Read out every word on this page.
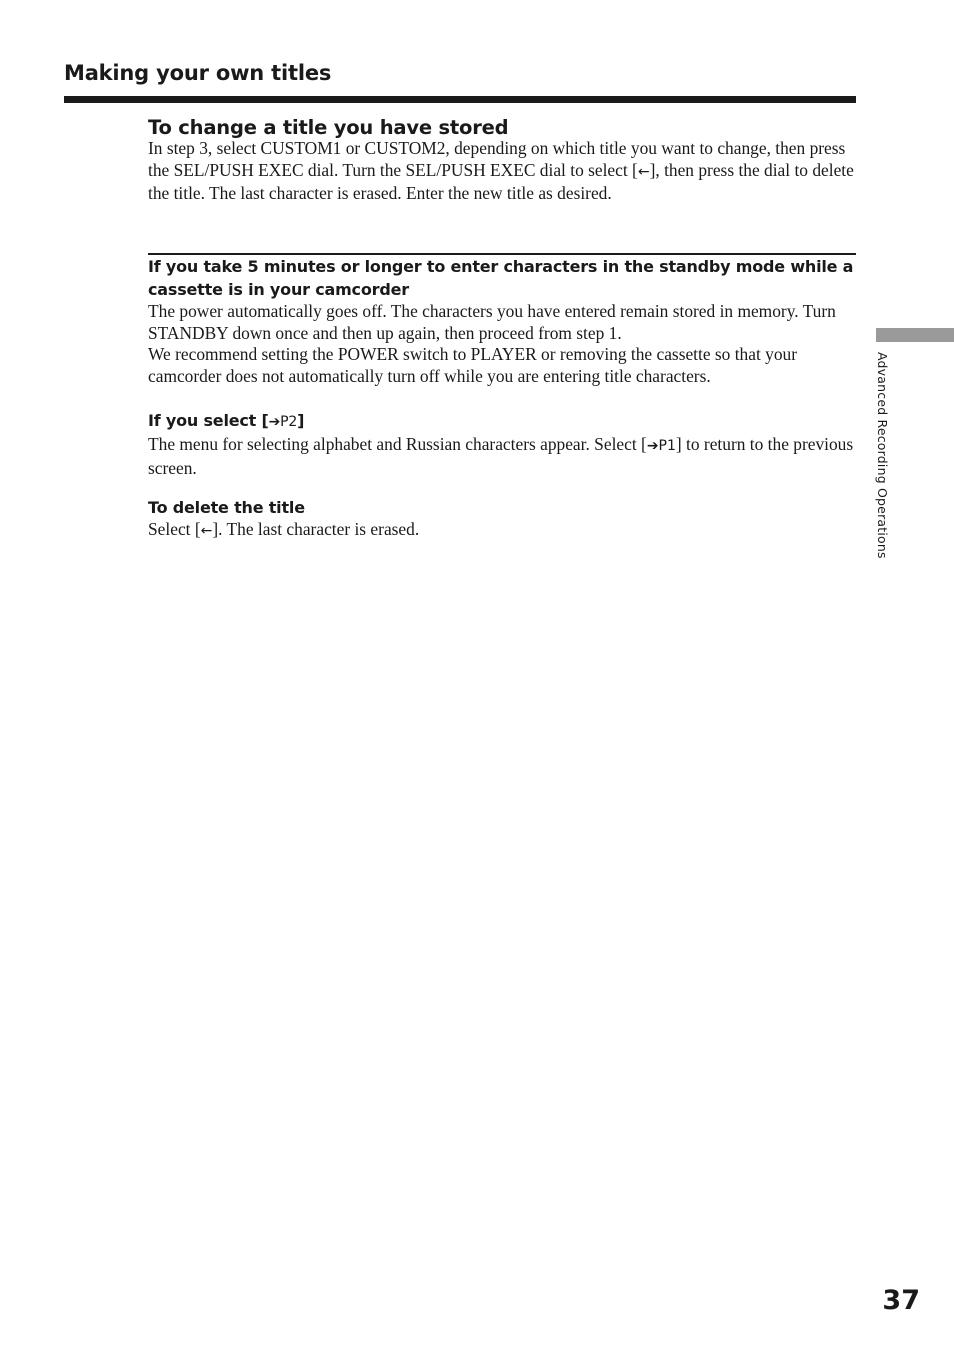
Making your own titles
To change a title you have stored

In step 3, select CUSTOM1 or CUSTOM2, depending on which title you want to change, then press the SEL/PUSH EXEC dial. Turn the SEL/PUSH EXEC dial to select [←], then press the dial to delete the title. The last character is erased. Enter the new title as desired.

If you take 5 minutes or longer to enter characters in the standby mode while a cassette is in your camcorder

The power automatically goes off. The characters you have entered remain stored in memory. Turn STANDBY down once and then up again, then proceed from step 1.

We recommend setting the POWER switch to PLAYER or removing the cassette so that your camcorder does not automatically turn off while you are entering title characters.

If you select [➔P2]

The menu for selecting alphabet and Russian characters appear. Select [➔P1] to return to the previous screen.

To delete the title

Select [←]. The last character is erased.	Advanced Recording Operations
37
